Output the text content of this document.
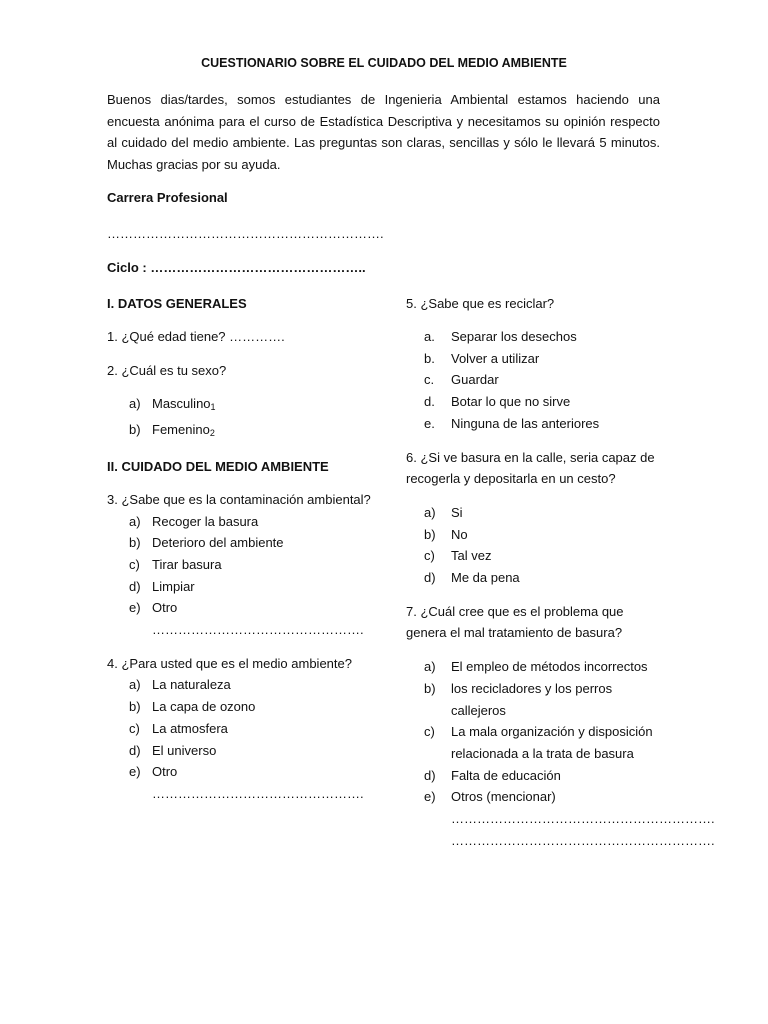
CUESTIONARIO SOBRE EL CUIDADO DEL MEDIO AMBIENTE
Buenos dias/tardes, somos estudiantes de Ingenieria Ambiental estamos haciendo una encuesta anónima para el curso de Estadística Descriptiva y necesitamos su opinión respecto al cuidado del medio ambiente. Las preguntas son claras, sencillas y sólo le llevará 5 minutos. Muchas gracias por su ayuda.
Carrera Profesional
……………………………………………………….
Ciclo : …………………………………………..

I. DATOS GENERALES

1. ¿Qué edad tiene? ………….

2. ¿Cuál es tu sexo?

a) Masculino$_1$
b) Femenino$_2$

II. CUIDADO DEL MEDIO AMBIENTE

3. ¿Sabe que es la contaminación ambiental?

a) Recoger la basura
b) Deterioro del ambiente
c) Tirar basura
d) Limpiar
e) Otro ………………………………………….

4. ¿Para usted que es el medio ambiente?

a) La naturaleza
b) La capa de ozono
c) La atmosfera
d) El universo
e) Otro ………………………………………….

5. ¿Sabe que es reciclar?

a. Separar los desechos
b. Volver a utilizar
c. Guardar
d. Botar lo que no sirve
e. Ninguna de las anteriores

6. ¿Si ve basura en la calle, seria capaz de recogerla y depositarla en un cesto?

a) Si
b) No
c) Tal vez
d) Me da pena

7. ¿Cuál cree que es el problema que genera el mal tratamiento de basura?

a) El empleo de métodos incorrectos
b) los recicladores y los perros callejeros
c) La mala organización y disposición relacionada a la trata de basura
d) Falta de educación
e) Otros (mencionar)
…………………………………………………….
…………………………………………………….
